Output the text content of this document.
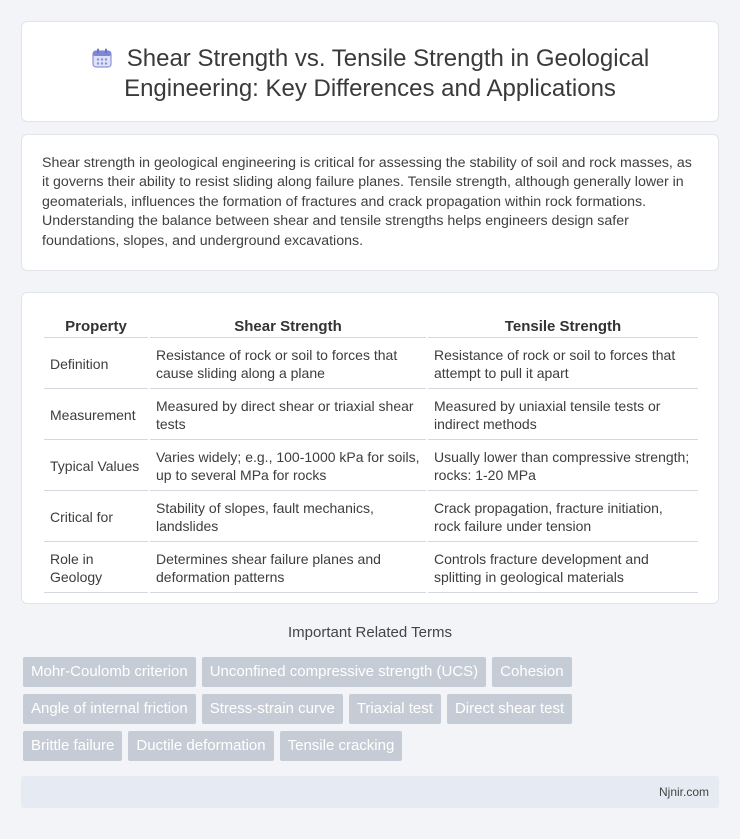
Shear Strength vs. Tensile Strength in Geological Engineering: Key Differences and Applications

Shear strength in geological engineering is critical for assessing the stability of soil and rock masses, as it governs their ability to resist sliding along failure planes. Tensile strength, although generally lower in geomaterials, influences the formation of fractures and crack propagation within rock formations. Understanding the balance between shear and tensile strengths helps engineers design safer foundations, slopes, and underground excavations.

Property	Shear Strength	Tensile Strength
Definition	Resistance of rock or soil to forces that cause sliding along a plane	Resistance of rock or soil to forces that attempt to pull it apart
Measurement	Measured by direct shear or triaxial shear tests	Measured by uniaxial tensile tests or indirect methods
Typical Values	Varies widely; e.g., 100-1000 kPa for soils, up to several MPa for rocks	Usually lower than compressive strength; rocks: 1-20 MPa
Critical for	Stability of slopes, fault mechanics, landslides	Crack propagation, fracture initiation, rock failure under tension
Role in Geology	Determines shear failure planes and deformation patterns	Controls fracture development and splitting in geological materials
Important Related Terms
Mohr-Coulomb criterion	Unconfined compressive strength (UCS)	Cohesion
Angle of internal friction	Stress-strain curve	Triaxial test	Direct shear test
Brittle failure	Ductile deformation	Tensile cracking
Njnir.com
